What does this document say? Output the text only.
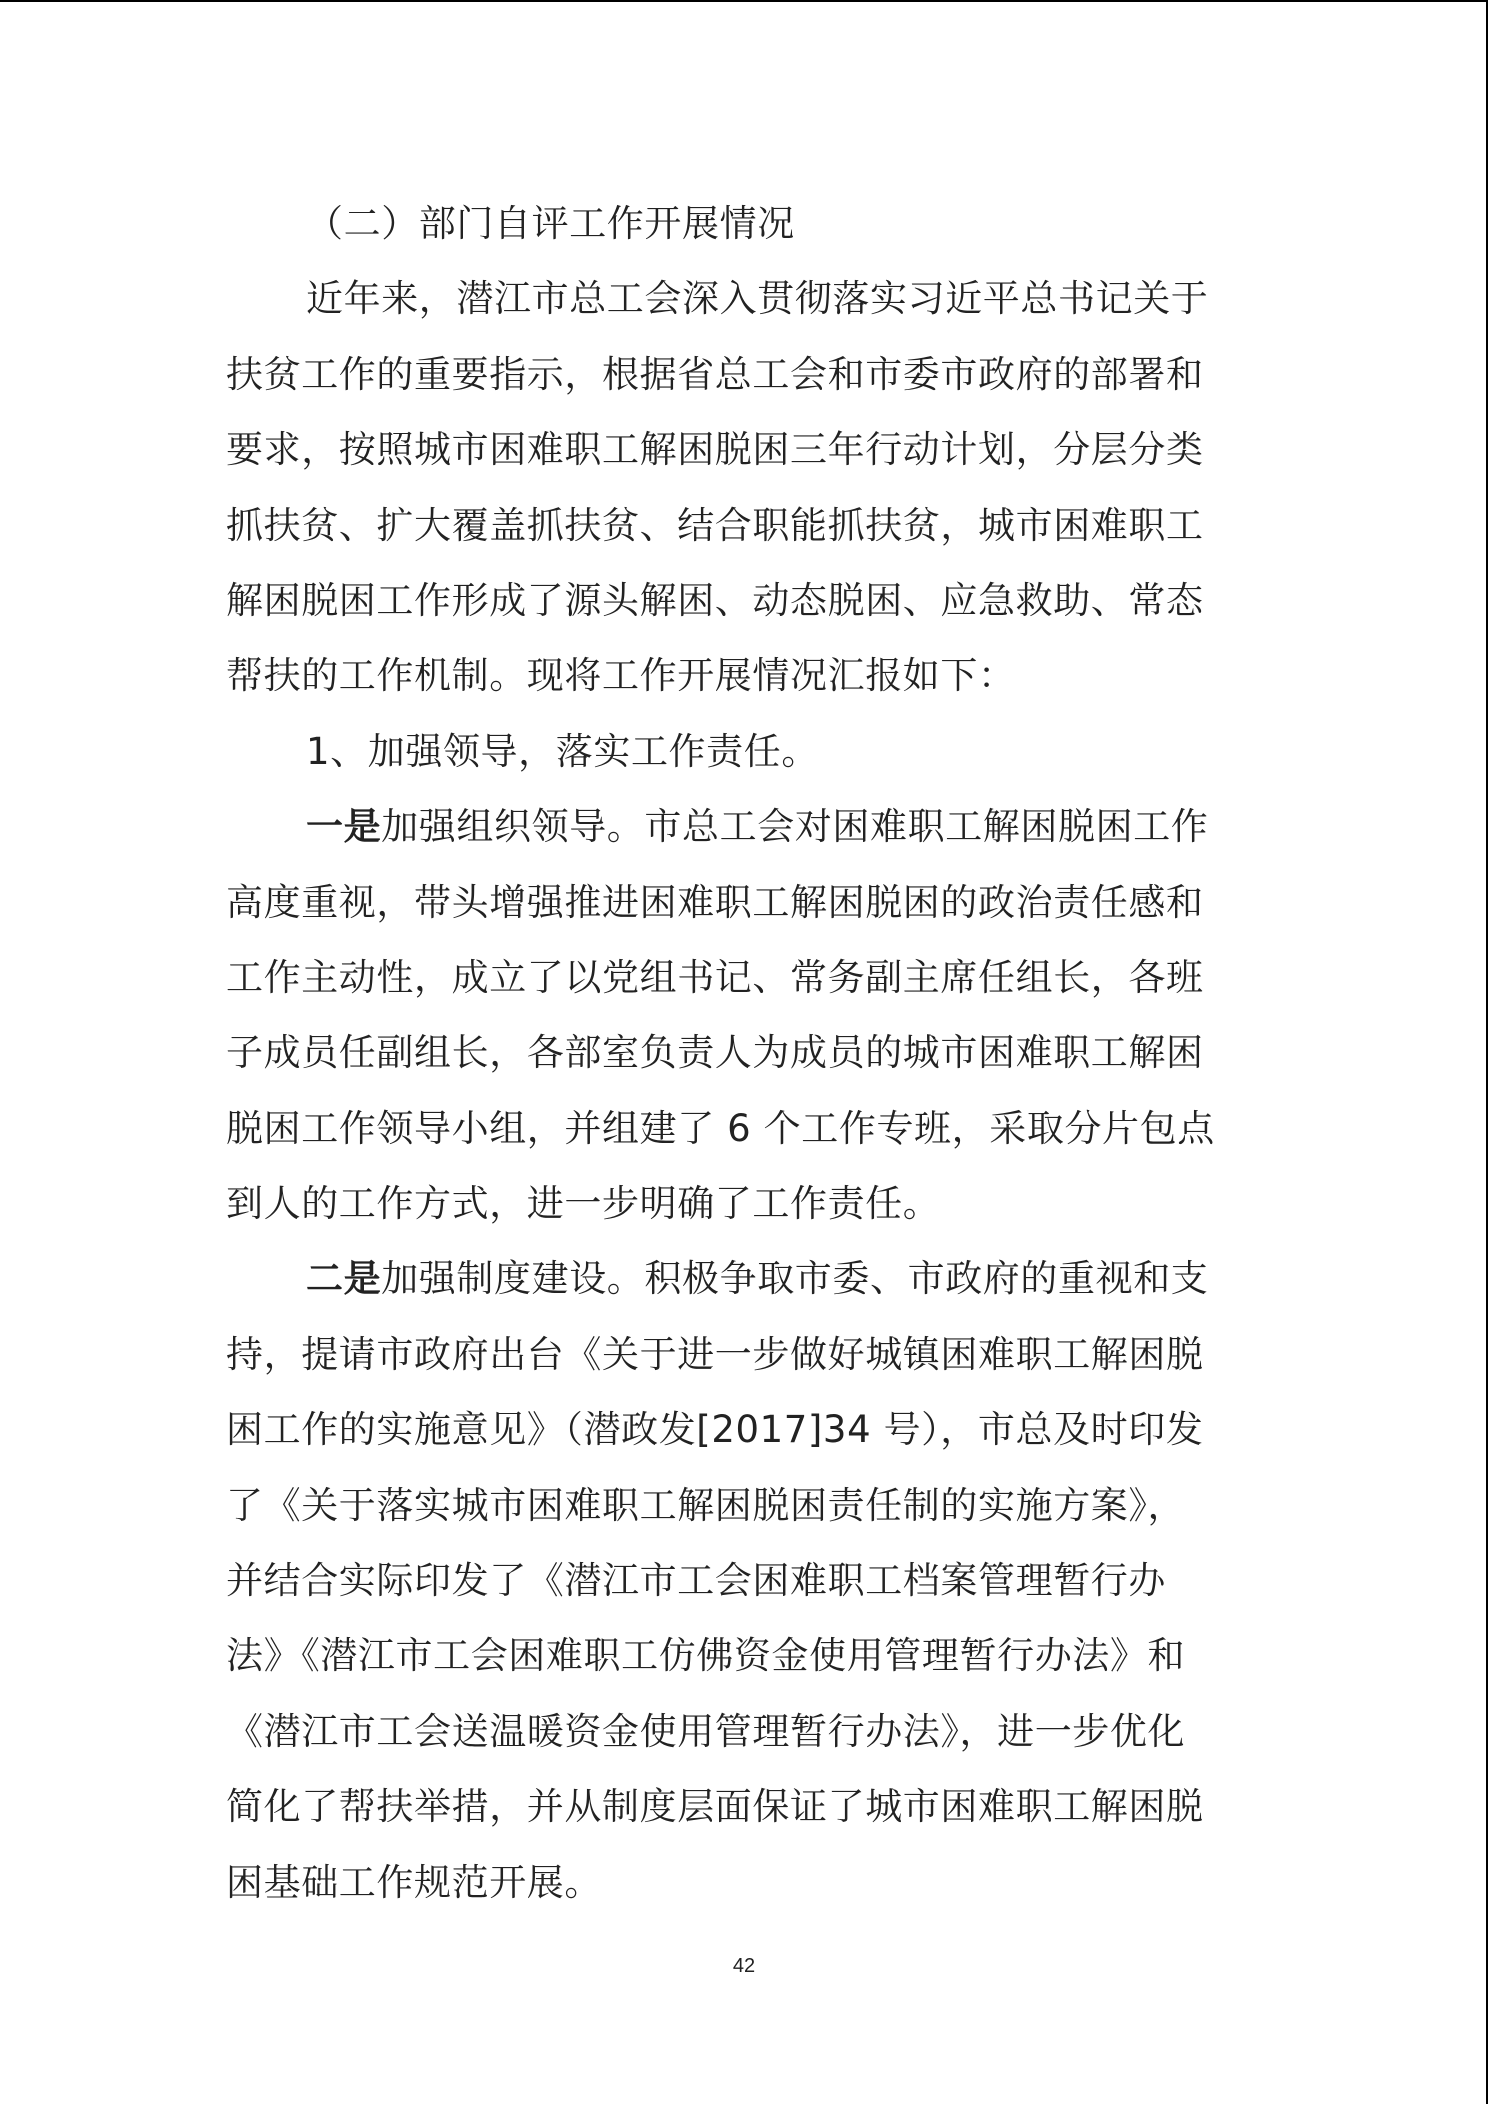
（二）部门自评工作开展情况
近年来，潜江市总工会深入贯彻落实习近平总书记关于
扶贫工作的重要指示，根据省总工会和市委市政府的部署和
要求，按照城市困难职工解困脱困三年行动计划，分层分类
抓扶贫、扩大覆盖抓扶贫、结合职能抓扶贫，城市困难职工
解困脱困工作形成了源头解困、动态脱困、应急救助、常态
帮扶的工作机制。现将工作开展情况汇报如下：
1、加强领导，落实工作责任。
一是加强组织领导。市总工会对困难职工解困脱困工作
高度重视，带头增强推进困难职工解困脱困的政治责任感和
工作主动性，成立了以党组书记、常务副主席任组长，各班
子成员任副组长，各部室负责人为成员的城市困难职工解困
脱困工作领导小组，并组建了 6 个工作专班，采取分片包点
到人的工作方式，进一步明确了工作责任。
二是加强制度建设。积极争取市委、市政府的重视和支
持，提请市政府出台《关于进一步做好城镇困难职工解困脱
困工作的实施意见》（潜政发[2017]34 号），市总及时印发
了《关于落实城市困难职工解困脱困责任制的实施方案》，
并结合实际印发了《潜江市工会困难职工档案管理暂行办
法》《潜江市工会困难职工仿佛资金使用管理暂行办法》和
《潜江市工会送温暖资金使用管理暂行办法》，进一步优化
简化了帮扶举措，并从制度层面保证了城市困难职工解困脱
困基础工作规范开展。
42
